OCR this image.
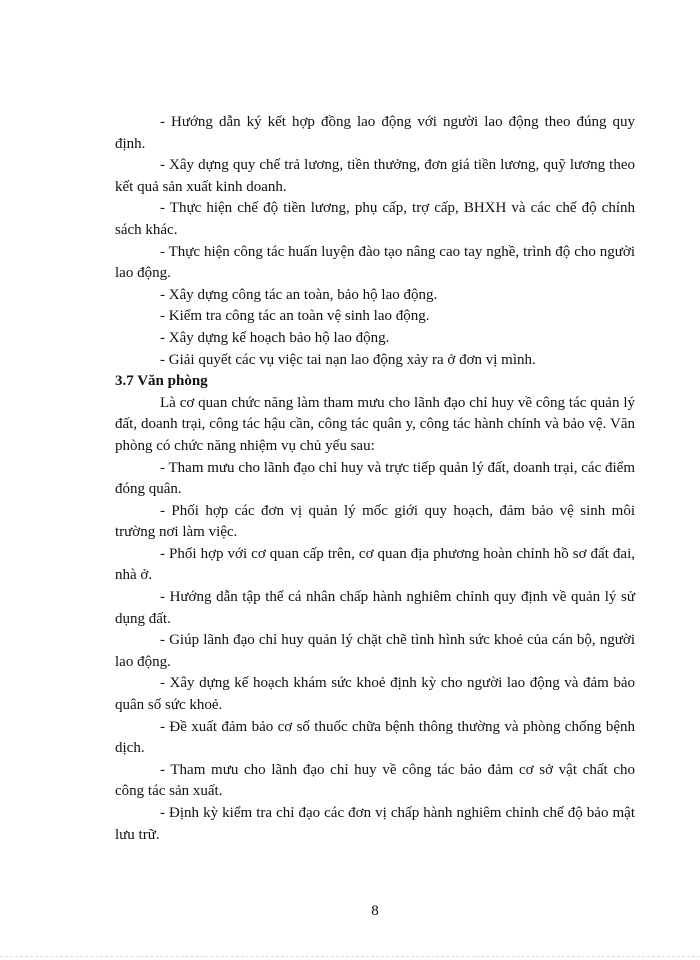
- Hướng dẫn ký kết hợp đồng lao động với người lao động theo đúng quy định.

- Xây dựng quy chế trả lương, tiền thưởng, đơn giá tiền lương, quỹ lương theo kết quả sản xuất kinh doanh.

- Thực hiện chế độ tiền lương, phụ cấp, trợ cấp, BHXH và các chế độ chính sách khác.

- Thực hiện công tác huấn luyện đào tạo nâng cao tay nghề, trình độ cho người lao động.

- Xây dựng công tác an toàn, bảo hộ lao động.

- Kiểm tra công tác an toàn vệ sinh lao động.

- Xây dựng kế hoạch bảo hộ lao động.

- Giải quyết các vụ việc tai nạn lao động xảy ra ở đơn vị mình.

3.7 Văn phòng

Là cơ quan chức năng làm tham mưu cho lãnh đạo chỉ huy về công tác quản lý đất, doanh trại, công tác hậu cần, công tác quân y, công tác hành chính và bảo vệ. Văn phòng có chức năng nhiệm vụ chủ yếu sau:

- Tham mưu cho lãnh đạo chỉ huy và trực tiếp quản lý đất, doanh trại, các điểm đóng quân.

- Phối hợp các đơn vị quản lý mốc giới quy hoạch, đảm bảo vệ sinh môi trường nơi làm việc.

- Phối hợp với cơ quan cấp trên, cơ quan địa phương hoàn chỉnh hồ sơ đất đai, nhà ở.

- Hướng dẫn tập thể cá nhân chấp hành nghiêm chỉnh quy định về quản lý sử dụng đất.

- Giúp lãnh đạo chỉ huy quản lý chặt chẽ tình hình sức khoẻ của cán bộ, người lao động.

- Xây dựng kế hoạch khám sức khoẻ định kỳ cho người lao động và đảm bảo quân số sức khoẻ.

- Đề xuất đảm bảo cơ số thuốc chữa bệnh thông thường và phòng chống bệnh dịch.

- Tham mưu cho lãnh đạo chỉ huy về công tác bảo đảm cơ sở vật chất cho công tác sản xuất.

- Định kỳ kiểm tra chỉ đạo các đơn vị chấp hành nghiêm chỉnh chế độ bảo mật lưu trữ.

8
